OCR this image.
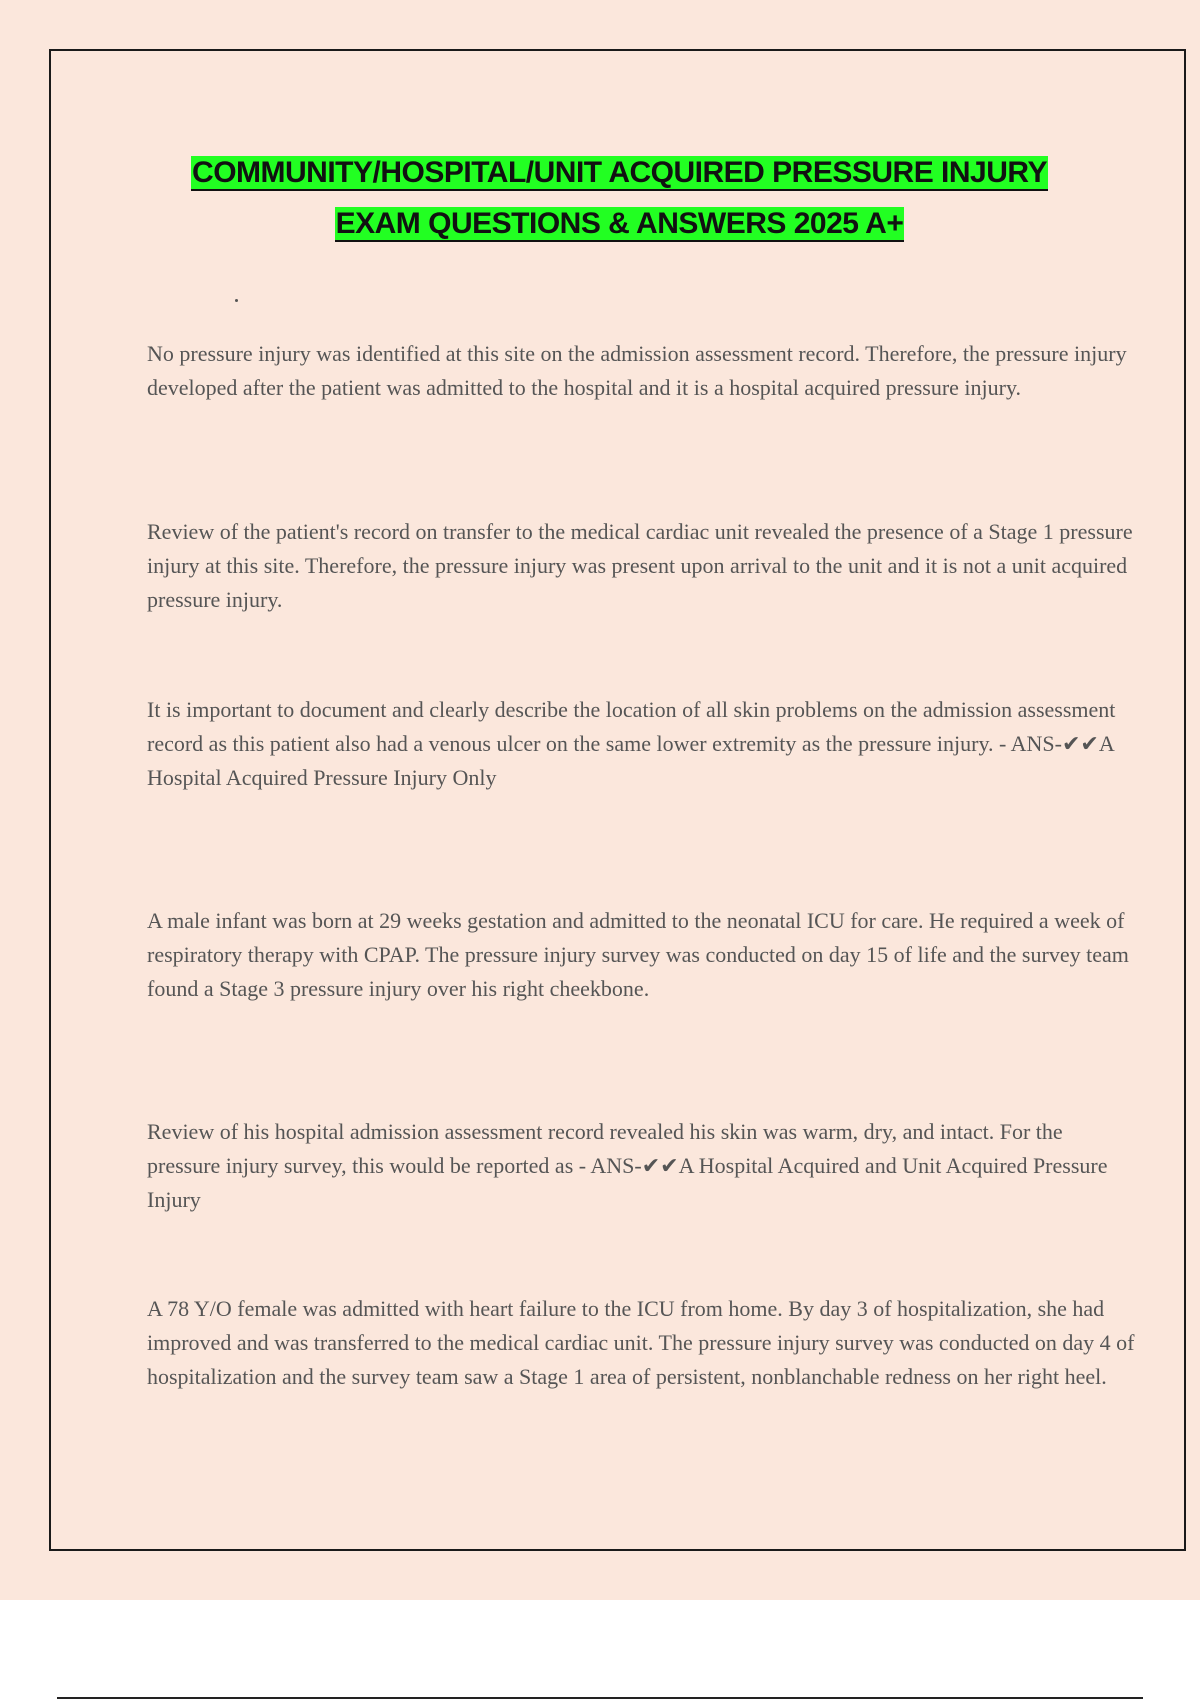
COMMUNITY/HOSPITAL/UNIT ACQUIRED PRESSURE INJURY
EXAM QUESTIONS & ANSWERS 2025 A+

No pressure injury was identified at this site on the admission assessment record. Therefore, the pressure injury developed after the patient was admitted to the hospital and it is a hospital acquired pressure injury.

Review of the patient's record on transfer to the medical cardiac unit revealed the presence of a Stage 1 pressure injury at this site. Therefore, the pressure injury was present upon arrival to the unit and it is not a unit acquired pressure injury.

It is important to document and clearly describe the location of all skin problems on the admission assessment record as this patient also had a venous ulcer on the same lower extremity as the pressure injury. - ANS-✔✔A Hospital Acquired Pressure Injury Only

A male infant was born at 29 weeks gestation and admitted to the neonatal ICU for care. He required a week of respiratory therapy with CPAP. The pressure injury survey was conducted on day 15 of life and the survey team found a Stage 3 pressure injury over his right cheekbone.

Review of his hospital admission assessment record revealed his skin was warm, dry, and intact. For the pressure injury survey, this would be reported as - ANS-✔✔A Hospital Acquired and Unit Acquired Pressure Injury

A 78 Y/O female was admitted with heart failure to the ICU from home. By day 3 of hospitalization, she had improved and was transferred to the medical cardiac unit. The pressure injury survey was conducted on day 4 of hospitalization and the survey team saw a Stage 1 area of persistent, nonblanchable redness on her right heel.
